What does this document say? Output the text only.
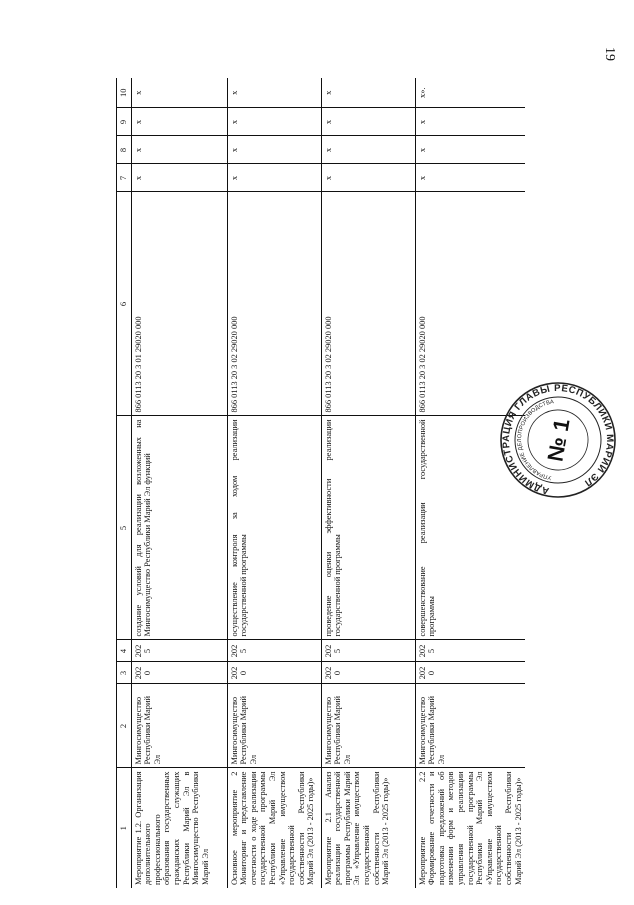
19
1	2	3	4	5	6	7	8	9	10
Мероприятие 1.2. Организация дополнительного профессионального образования государственных гражданских служащих Республики Марий Эл в Мингосимущество Республики Марий Эл	Мингосимущество Республики Марий Эл	2020	2025	создание условий для реализации возложенных на Мингосимущество Республики Марий Эл функций	866 0113 20 3 01 29020 000	х	х	х	х
Основное мероприятие 2 Мониторинг и представление отчетности о ходе реализации государственной программы Республики Марий Эл «Управление имуществом государственной собственности Республики Марий Эл (2013 - 2025 годы)»	Мингосимущество Республики Марий Эл	2020	2025	осуществление контроля за ходом реализации государственной программы	866 0113 20 3 02 29020 000	х	х	х	х
Мероприятие 2.1 Анализ реализации государственной программы Республики Марий Эл «Управление имуществом государственной собственности Республики Марий Эл (2013 - 2025 годы)»	Мингосимущество Республики Марий Эл	2020	2025	проведение оценки эффективности реализации государственной программы	866 0113 20 3 02 29020 000	х	х	х	х
Мероприятие 2.2 Формирование отчетности и подготовка предложений об изменении форм и методов управления реализации государственной программы Республики Марий Эл «Управление имуществом государственной собственности Республики Марий Эл (2013 - 2025 годы)»	Мингосимущество Республики Марий Эл	2020	2025	совершенствование реализации государственной программы	866 0113 20 3 02 29020 000	х	х	х	х».
АДМИНИСТРАЦИЯ ГЛАВЫ РЕСПУБЛИКИ МАРИЙ ЭЛ
УПРАВЛЕНИЕ ДЕЛОПРОИЗВОДСТВА
№ 1
